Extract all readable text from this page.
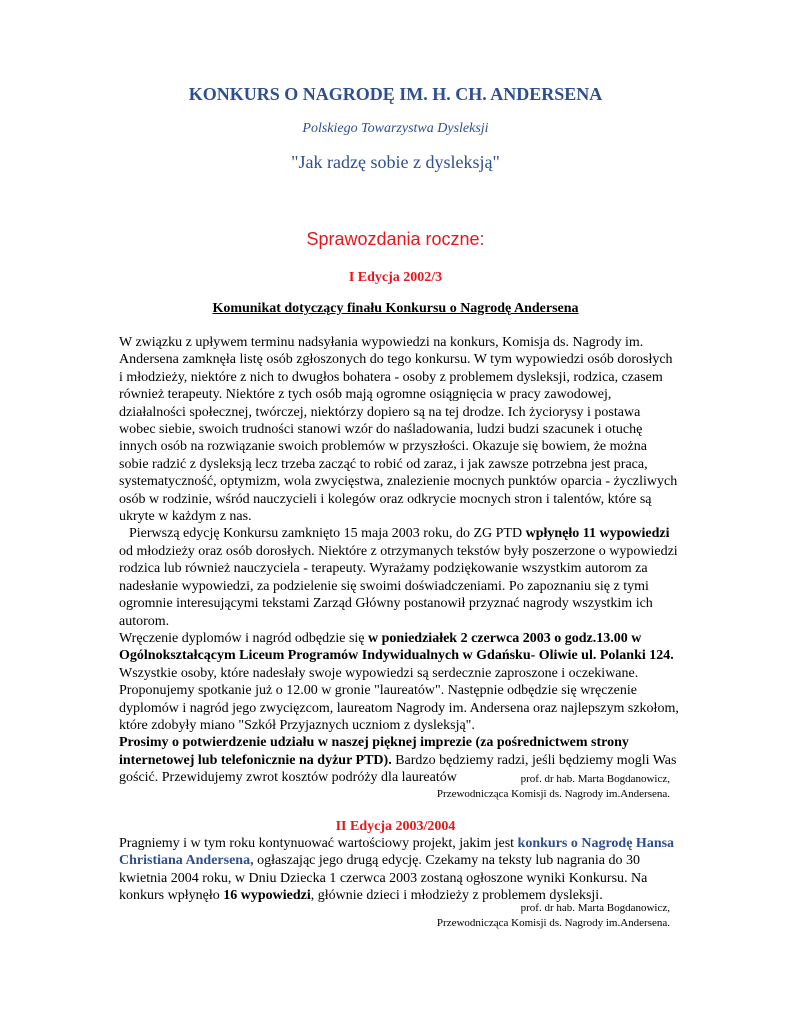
KONKURS O NAGRODĘ IM. H. CH. ANDERSENA
Polskiego Towarzystwa Dysleksji
"Jak radzę sobie z dysleksją"
Sprawozdania roczne:
I Edycja 2002/3
Komunikat dotyczący finału Konkursu o Nagrodę Andersena

W związku z upływem terminu nadsyłania wypowiedzi na konkurs, Komisja ds. Nagrody im. Andersena zamknęła listę osób zgłoszonych do tego konkursu. W tym wypowiedzi osób dorosłych i młodzieży, niektóre z nich to dwugłos bohatera - osoby z problemem dysleksji, rodzica, czasem również terapeuty. Niektóre z tych osób mają ogromne osiągnięcia w pracy zawodowej, działalności społecznej, twórczej, niektórzy dopiero są na tej drodze. Ich życiorysy i postawa wobec siebie, swoich trudności stanowi wzór do naśladowania, ludzi budzi szacunek i otuchę innych osób na rozwiązanie swoich problemów w przyszłości. Okazuje się bowiem, że można sobie radzić z dysleksją lecz trzeba zacząć to robić od zaraz, i jak zawsze potrzebna jest praca, systematyczność, optymizm, wola zwycięstwa, znalezienie mocnych punktów oparcia - życzliwych osób w rodzinie, wśród nauczycieli i kolegów oraz odkrycie mocnych stron i talentów, które są ukryte w każdym z nas.

Pierwszą edycję Konkursu zamknięto 15 maja 2003 roku, do ZG PTD wpłynęło 11 wypowiedzi od młodzieży oraz osób dorosłych. Niektóre z otrzymanych tekstów były poszerzone o wypowiedzi rodzica lub również nauczyciela - terapeuty. Wyrażamy podziękowanie wszystkim autorom za nadesłanie wypowiedzi, za podzielenie się swoimi doświadczeniami. Po zapoznaniu się z tymi ogromnie interesującymi tekstami Zarząd Główny postanowił przyznać nagrody wszystkim ich autorom.

Wręczenie dyplomów i nagród odbędzie się w poniedziałek 2 czerwca 2003 o godz.13.00 w Ogólnokształcącym Liceum Programów Indywidualnych w Gdańsku- Oliwie ul. Polanki 124. Wszystkie osoby, które nadesłały swoje wypowiedzi są serdecznie zaproszone i oczekiwane. Proponujemy spotkanie już o 12.00 w gronie "laureatów". Następnie odbędzie się wręczenie dyplomów i nagród jego zwycięzcom, laureatom Nagrody im. Andersena oraz najlepszym szkołom, które zdobyły miano "Szkół Przyjaznych uczniom z dysleksją".

Prosimy o potwierdzenie udziału w naszej pięknej imprezie (za pośrednictwem strony internetowej lub telefonicznie na dyżur PTD). Bardzo będziemy radzi, jeśli będziemy mogli Was gościć. Przewidujemy zwrot kosztów podróży dla laureatów	prof. dr hab. Marta Bogdanowicz,
Przewodnicząca Komisji ds. Nagrody im.Andersena.
II Edycja 2003/2004

Pragniemy i w tym roku kontynuować wartościowy projekt, jakim jest konkurs o Nagrodę Hansa Christiana Andersena, ogłaszając jego drugą edycję. Czekamy na teksty lub nagrania do 30 kwietnia 2004 roku, w Dniu Dziecka 1 czerwca 2003 zostaną ogłoszone wyniki Konkursu. Na konkurs wpłynęło 16 wypowiedzi, głównie dzieci i młodzieży z problemem dysleksji.

prof. dr hab. Marta Bogdanowicz,
Przewodnicząca Komisji ds. Nagrody im.Andersena.
